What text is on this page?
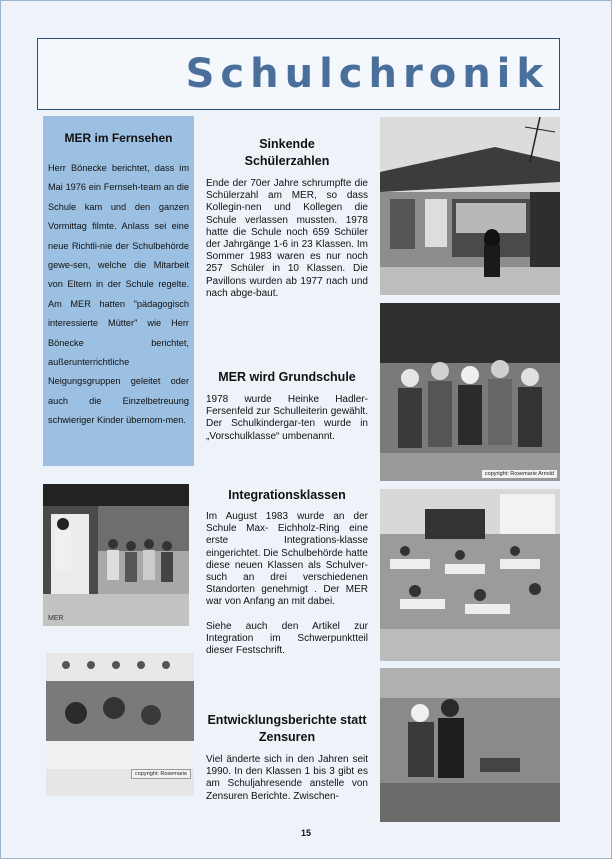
Schulchronik
MER im Fernsehen

Herr Bönecke berichtet, dass im Mai 1976 ein Fernseh-team an die Schule kam und den ganzen Vormittag filmte. Anlass sei eine neue Richtli-nie der Schulbehörde gewe-sen, welche die Mitarbeit von Eltern in der Schule regelte. Am MER hatten "pädagogisch interessierte Mütter" wie Herr Bönecke berichtet, außerunterrichtliche Neigungsgruppen geleitet oder auch die Einzelbetreuung schwieriger Kinder übernom-men.

Sinkende Schülerzahlen

Ende der 70er Jahre schrumpfte die Schülerzahl am MER, so dass Kollegin-nen und Kollegen die Schule verlassen mussten. 1978 hatte die Schule noch 659 Schüler der Jahrgänge 1-6 in 23 Klassen. Im Sommer 1983 waren es nur noch 257 Schüler in 10 Klassen. Die Pavillons wurden ab 1977 nach und nach abge-baut.

MER wird Grundschule

1978 wurde Heinke Hadler-Fersenfeld zur Schulleiterin gewählt. Der Schulkindergar-ten wurde in „Vorschulklasse“ umbenannt.

Integrationsklassen

Im August 1983 wurde an der Schule Max- Eichholz-Ring eine erste Integrations-klasse eingerichtet. Die Schulbehörde hatte diese neuen Klassen als Schulver-such an drei verschiedenen Standorten genehmigt . Der MER war von Anfang an mit dabei.

Siehe auch den Artikel zur Integration im Schwerpunktteil dieser Festschrift.

Entwicklungsberichte statt Zensuren

Viel änderte sich in den Jahren seit 1990. In den Klassen 1 bis 3 gibt es am Schuljahresende anstelle von Zensuren Berichte. Zwischen-

copyright: Rosemarie Arnold
MER
copyright: Rosemarie
15
